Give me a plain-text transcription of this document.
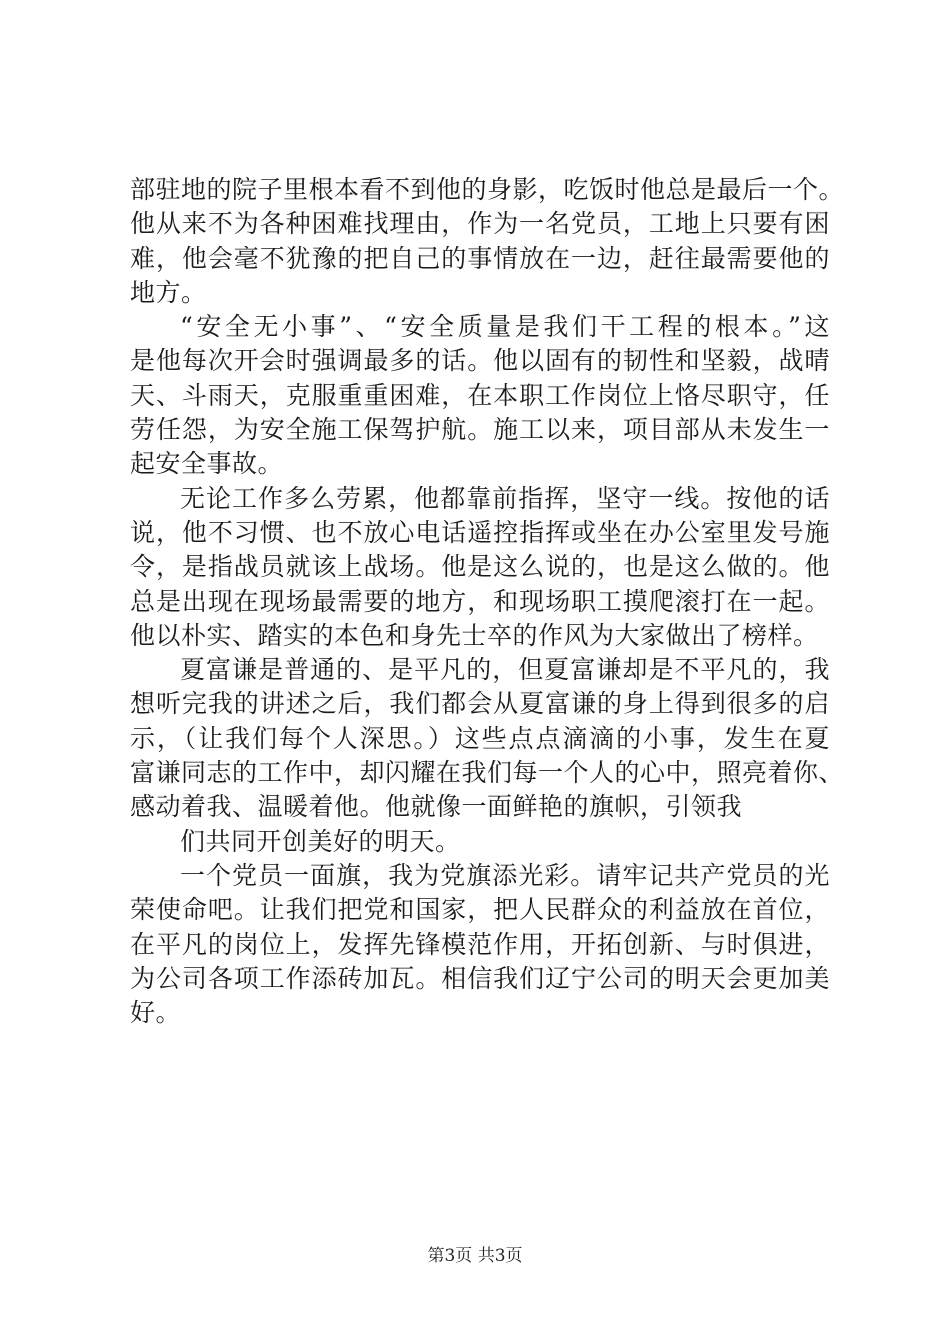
部驻地的院子里根本看不到他的身影，吃饭时他总是最后一个。
他从来不为各种困难找理由，作为一名党员，工地上只要有困
难，他会毫不犹豫的把自己的事情放在一边，赶往最需要他的
地方。
“安全无小事”、“安全质量是我们干工程的根本。”这
是他每次开会时强调最多的话。他以固有的韧性和坚毅，战晴
天、斗雨天，克服重重困难，在本职工作岗位上恪尽职守，任
劳任怨，为安全施工保驾护航。施工以来，项目部从未发生一
起安全事故。
无论工作多么劳累，他都靠前指挥，坚守一线。按他的话
说，他不习惯、也不放心电话遥控指挥或坐在办公室里发号施
令，是指战员就该上战场。他是这么说的，也是这么做的。他
总是出现在现场最需要的地方，和现场职工摸爬滚打在一起。
他以朴实、踏实的本色和身先士卒的作风为大家做出了榜样。
夏富谦是普通的、是平凡的，但夏富谦却是不平凡的，我
想听完我的讲述之后，我们都会从夏富谦的身上得到很多的启
示，（让我们每个人深思。）这些点点滴滴的小事，发生在夏
富谦同志的工作中，却闪耀在我们每一个人的心中，照亮着你、
感动着我、温暖着他。他就像一面鲜艳的旗帜，引领我
们共同开创美好的明天。
一个党员一面旗，我为党旗添光彩。请牢记共产党员的光
荣使命吧。让我们把党和国家，把人民群众的利益放在首位，
在平凡的岗位上，发挥先锋模范作用，开拓创新、与时俱进，
为公司各项工作添砖加瓦。相信我们辽宁公司的明天会更加美
好。
第3页 共3页
